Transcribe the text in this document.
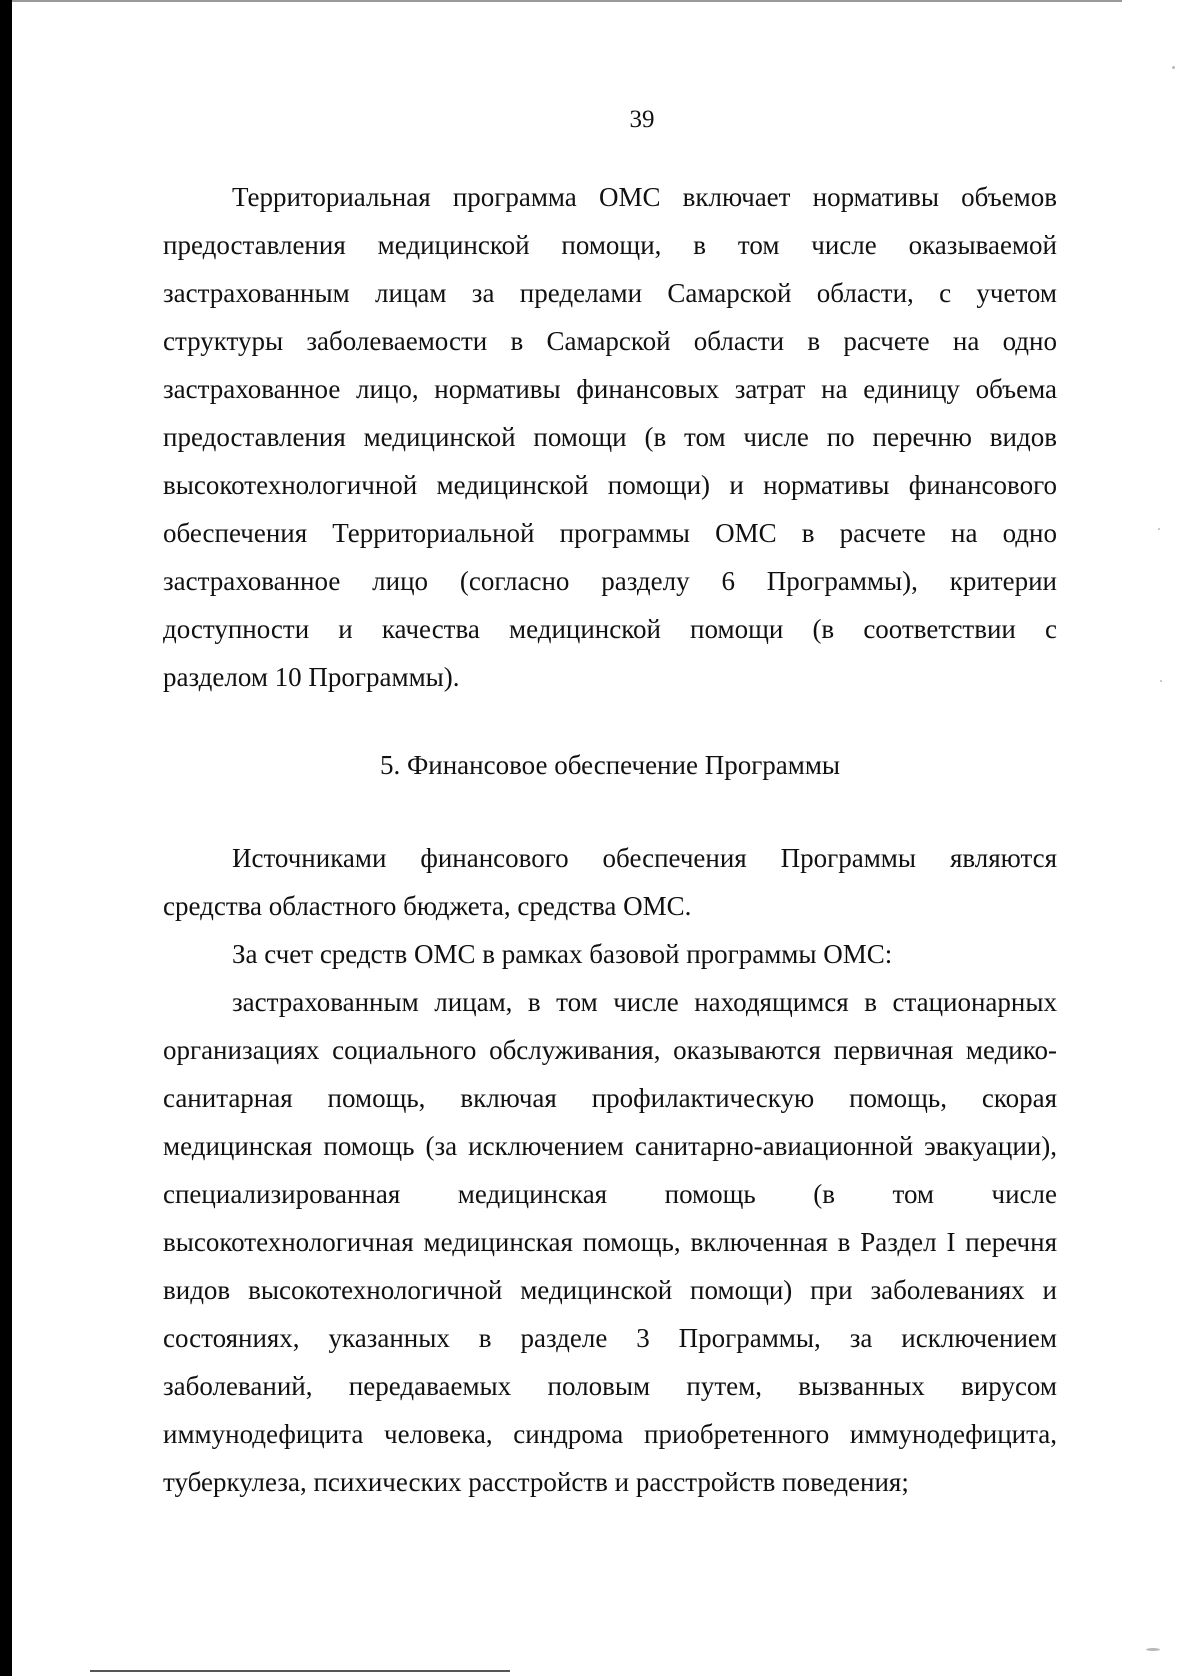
39
Территориальная программа ОМС включает нормативы объемов
предоставления медицинской помощи, в том числе оказываемой
застрахованным лицам за пределами Самарской области, с учетом
структуры заболеваемости в Самарской области в расчете на одно
застрахованное лицо, нормативы финансовых затрат на единицу объема
предоставления медицинской помощи (в том числе по перечню видов
высокотехнологичной медицинской помощи) и нормативы финансового
обеспечения Территориальной программы ОМС в расчете на одно
застрахованное лицо (согласно разделу 6 Программы), критерии
доступности и качества медицинской помощи (в соответствии с
разделом 10 Программы).
5. Финансовое обеспечение Программы
Источниками финансового обеспечения Программы являются
средства областного бюджета, средства ОМС.
За счет средств ОМС в рамках базовой программы ОМС:
застрахованным лицам, в том числе находящимся в стационарных
организациях социального обслуживания, оказываются первичная медико-
санитарная помощь, включая профилактическую помощь, скорая
медицинская помощь (за исключением санитарно-авиационной эвакуации),
специализированная медицинская помощь (в том числе
высокотехнологичная медицинская помощь, включенная в Раздел I перечня
видов высокотехнологичной медицинской помощи) при заболеваниях и
состояниях, указанных в разделе 3 Программы, за исключением
заболеваний, передаваемых половым путем, вызванных вирусом
иммунодефицита человека, синдрома приобретенного иммунодефицита,
туберкулеза, психических расстройств и расстройств поведения;
